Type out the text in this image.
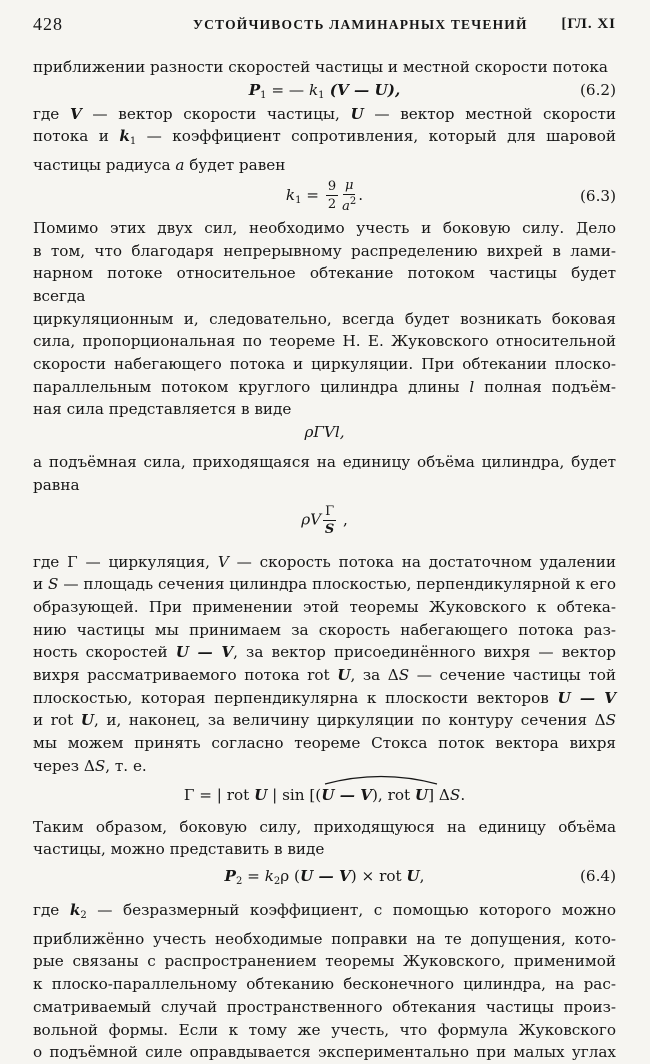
428	УСТОЙЧИВОСТЬ ЛАМИНАРНЫХ ТЕЧЕНИЙ [ГЛ. XI

приближении разности скоростей частицы и местной скорости потока

$P_1$ = — $k_1$ (V — U),	(6.2)

где V — вектор скорости частицы, U — вектор местной скорости

потока и $k_1$ — коэффициент сопротивления, который для шаровой

частицы радиуса a будет равен

$k_1 = \frac{9}{2} \frac{\mu}{a^2}$ .	(6.3)

Помимо этих двух сил, необходимо учесть и боковую силу. Дело

в том, что благодаря непрерывному распределению вихрей в лами-

нарном потоке относительное обтекание потоком частицы будет всегда

циркуляционным и, следовательно, всегда будет возникать боковая

сила, пропорциональная по теореме Н. Е. Жуковского относительной

скорости набегающего потока и циркуляции. При обтекании плоско-

параллельным потоком круглого цилиндра длины l полная подъём-

ная сила представляется в виде

ρΓVl,

а подъёмная сила, приходящаяся на единицу объёма цилиндра, будет

равна

ρV $\frac{\Gamma}{S}$ ,

где Γ — циркуляция, V — скорость потока на достаточном удалении

и S — площадь сечения цилиндра плоскостью, перпендикулярной к его

образующей. При применении этой теоремы Жуковского к обтека-

нию частицы мы принимаем за скорость набегающего потока раз-

ность скоростей U — V, за вектор присоединённого вихря — вектор

вихря рассматриваемого потока rot U, за ΔS — сечение частицы той

плоскостью, которая перпендикулярна к плоскости векторов U — V

и rot U, и, наконец, за величину циркуляции по контуру сечения ΔS

мы можем принять согласно теореме Стокса поток вектора вихря

через ΔS, т. е.

Γ = | rot U | sin [(
U — V), rot U] ΔS.

Таким образом, боковую силу, приходящуюся на единицу объёма

частицы, можно представить в виде

$P_2 = k_2\rho$ (U — V) × rot U,	(6.4)

где $k_2$ — безразмерный коэффициент, с помощью которого можно

приближённо учесть необходимые поправки на те допущения, кото-

рые связаны с распространением теоремы Жуковского, применимой

к плоско-параллельному обтеканию бесконечного цилиндра, на рас-

сматриваемый случай пространственного обтекания частицы произ-

вольной формы. Если к тому же учесть, что формула Жуковского

о подъёмной силе оправдывается экспериментально при малых углах
